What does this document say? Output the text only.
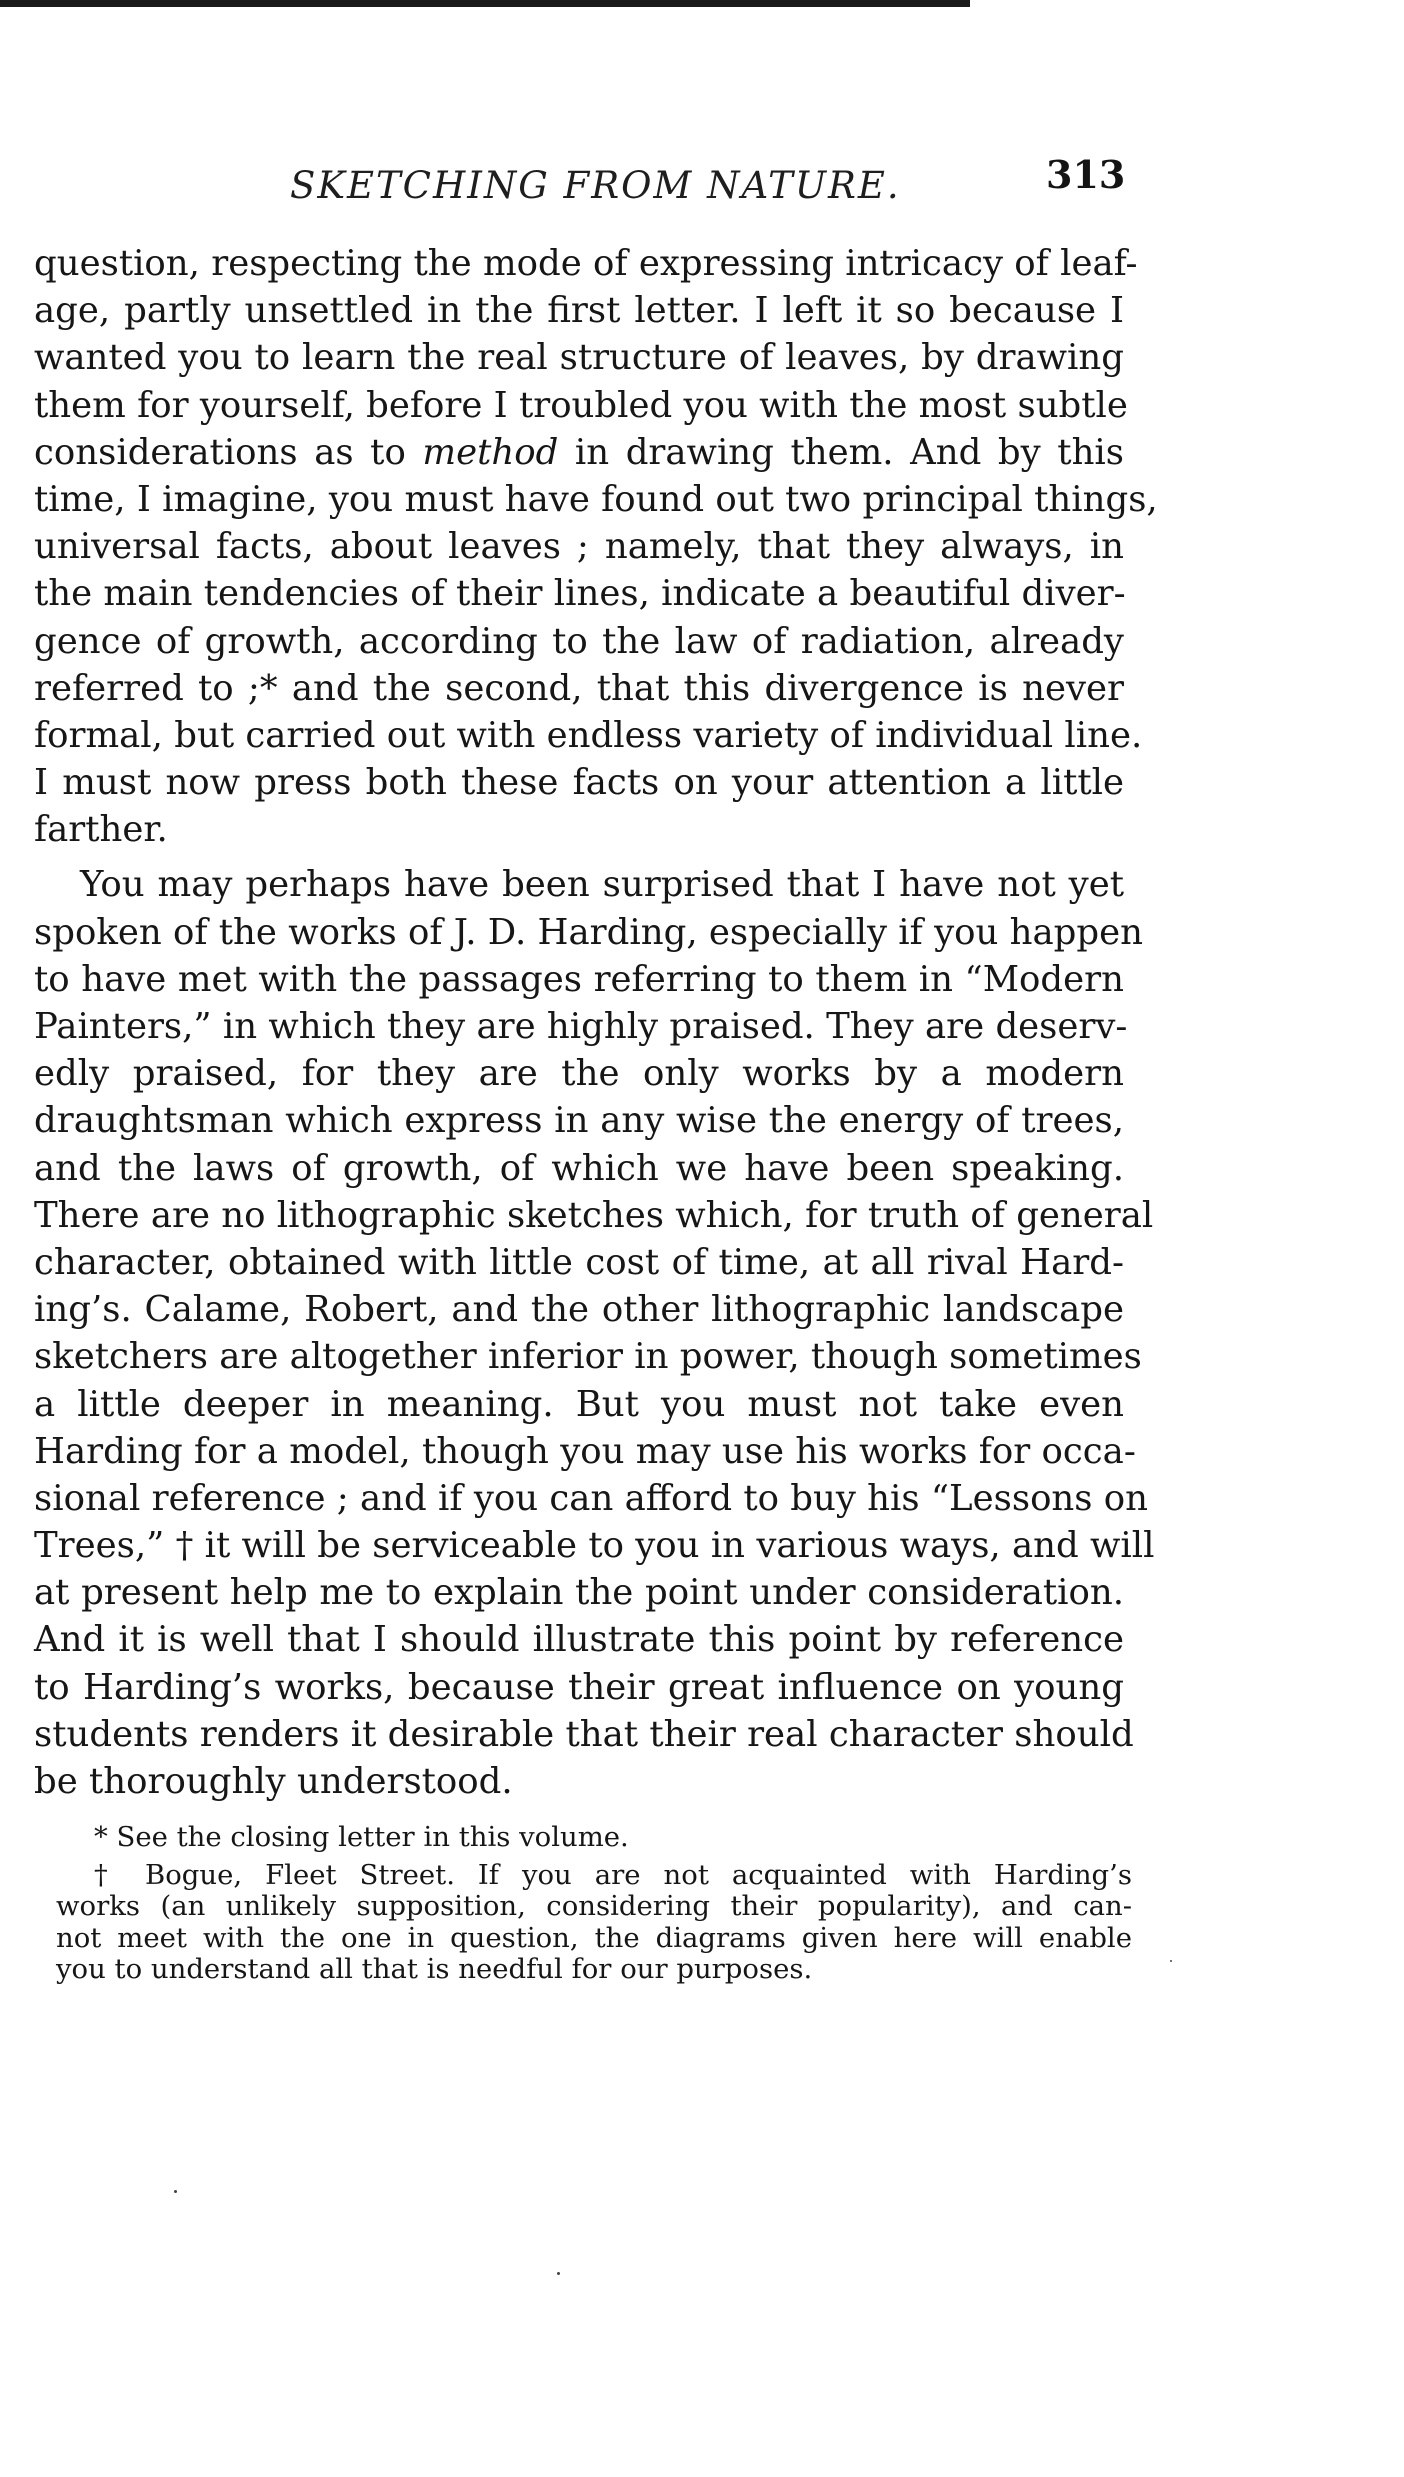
SKETCHING FROM NATURE.	313
question, respecting the mode of expressing intricacy of leaf-
age, partly unsettled in the first letter. I left it so because I
wanted you to learn the real structure of leaves, by drawing
them for yourself, before I troubled you with the most subtle
considerations as to method in drawing them. And by this
time, I imagine, you must have found out two principal things,
universal facts, about leaves ; namely, that they always, in
the main tendencies of their lines, indicate a beautiful diver-
gence of growth, according to the law of radiation, already
referred to ;* and the second, that this divergence is never
formal, but carried out with endless variety of individual line.
I must now press both these facts on your attention a little
farther.
You may perhaps have been surprised that I have not yet
spoken of the works of J. D. Harding, especially if you happen
to have met with the passages referring to them in “Modern
Painters,” in which they are highly praised. They are deserv-
edly praised, for they are the only works by a modern
draughtsman which express in any wise the energy of trees,
and the laws of growth, of which we have been speaking.
There are no lithographic sketches which, for truth of general
character, obtained with little cost of time, at all rival Hard-
ing’s. Calame, Robert, and the other lithographic landscape
sketchers are altogether inferior in power, though sometimes
a little deeper in meaning. But you must not take even
Harding for a model, though you may use his works for occa-
sional reference ; and if you can afford to buy his “Lessons on
Trees,” † it will be serviceable to you in various ways, and will
at present help me to explain the point under consideration.
And it is well that I should illustrate this point by reference
to Harding’s works, because their great influence on young
students renders it desirable that their real character should
be thoroughly understood.
* See the closing letter in this volume.
† Bogue, Fleet Street. If you are not acquainted with Harding’s
works (an unlikely supposition, considering their popularity), and can-
not meet with the one in question, the diagrams given here will enable
you to understand all that is needful for our purposes.
